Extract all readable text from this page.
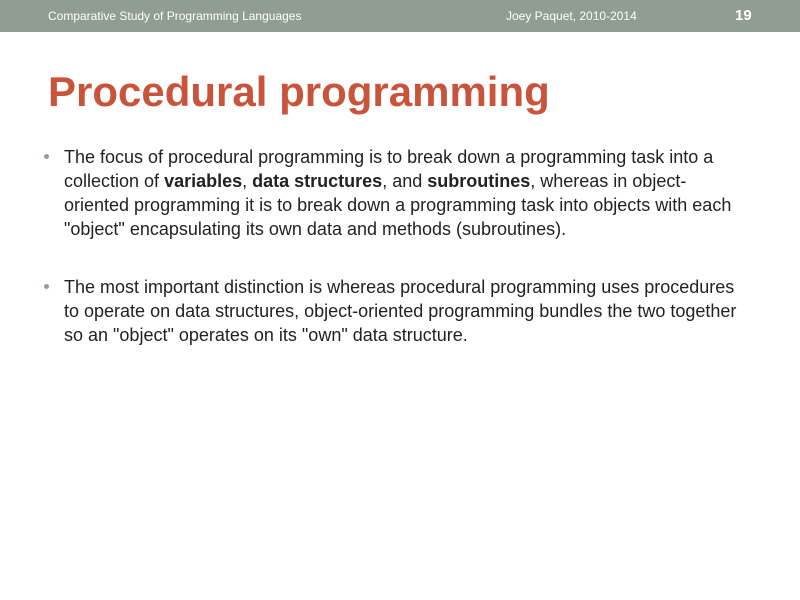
Comparative Study of Programming Languages	Joey Paquet, 2010-2014	19
Procedural programming
The focus of procedural programming is to break down a programming task into a collection of variables, data structures, and subroutines, whereas in object-oriented programming it is to break down a programming task into objects with each "object" encapsulating its own data and methods (subroutines).
The most important distinction is whereas procedural programming uses procedures to operate on data structures, object-oriented programming bundles the two together so an "object" operates on its "own" data structure.
